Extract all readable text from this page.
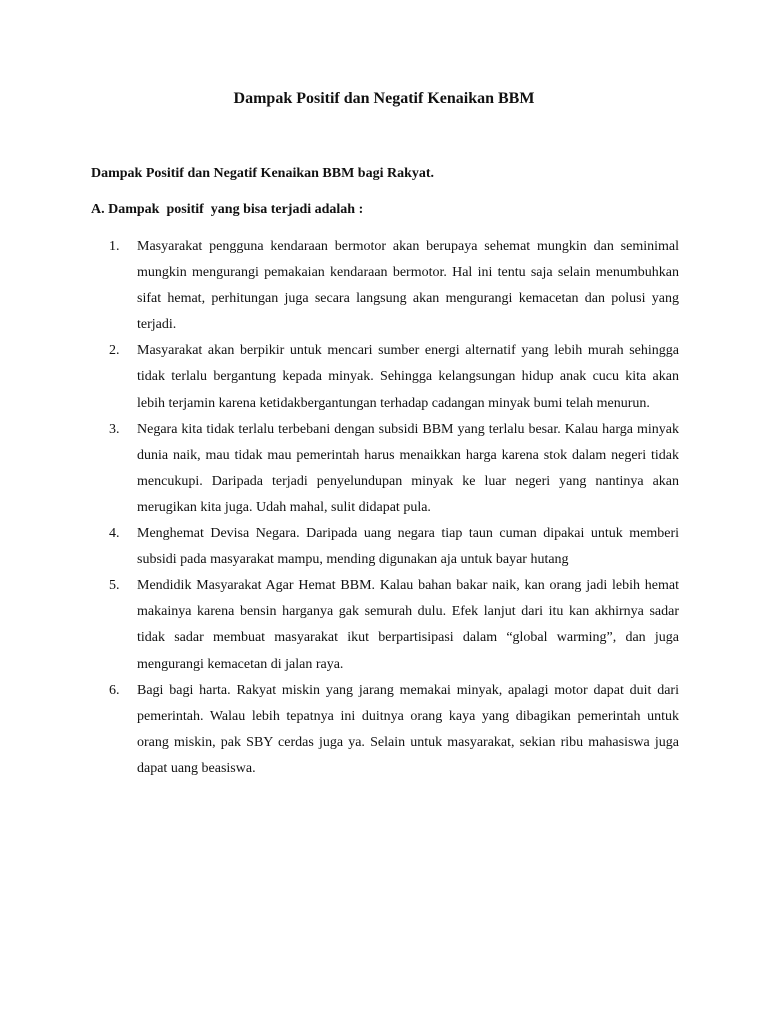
Dampak Positif dan Negatif Kenaikan BBM

Dampak Positif dan Negatif Kenaikan BBM bagi Rakyat.

A. Dampak  positif  yang bisa terjadi adalah :

1. Masyarakat pengguna kendaraan bermotor akan berupaya sehemat mungkin dan seminimal mungkin mengurangi pemakaian kendaraan bermotor. Hal ini tentu saja selain menumbuhkan sifat hemat, perhitungan juga secara langsung akan mengurangi kemacetan dan polusi yang terjadi.
2. Masyarakat akan berpikir untuk mencari sumber energi alternatif yang lebih murah sehingga tidak terlalu bergantung kepada minyak. Sehingga kelangsungan hidup anak cucu kita akan lebih terjamin karena ketidakbergantungan terhadap cadangan minyak bumi telah menurun.
3. Negara kita tidak terlalu terbebani dengan subsidi BBM yang terlalu besar. Kalau harga minyak dunia naik, mau tidak mau pemerintah harus menaikkan harga karena stok dalam negeri tidak mencukupi. Daripada terjadi penyelundupan minyak ke luar negeri yang nantinya akan merugikan kita juga. Udah mahal, sulit didapat pula.
4. Menghemat Devisa Negara. Daripada uang negara tiap taun cuman dipakai untuk memberi subsidi pada masyarakat mampu, mending digunakan aja untuk bayar hutang
5. Mendidik Masyarakat Agar Hemat BBM. Kalau bahan bakar naik, kan orang jadi lebih hemat makainya karena bensin harganya gak semurah dulu. Efek lanjut dari itu kan akhirnya sadar tidak sadar membuat masyarakat ikut berpartisipasi dalam “global warming”, dan juga mengurangi kemacetan di jalan raya.
6. Bagi bagi harta. Rakyat miskin yang jarang memakai minyak, apalagi motor dapat duit dari pemerintah. Walau lebih tepatnya ini duitnya orang kaya yang dibagikan pemerintah untuk orang miskin, pak SBY cerdas juga ya. Selain untuk masyarakat, sekian ribu mahasiswa juga dapat uang beasiswa.
